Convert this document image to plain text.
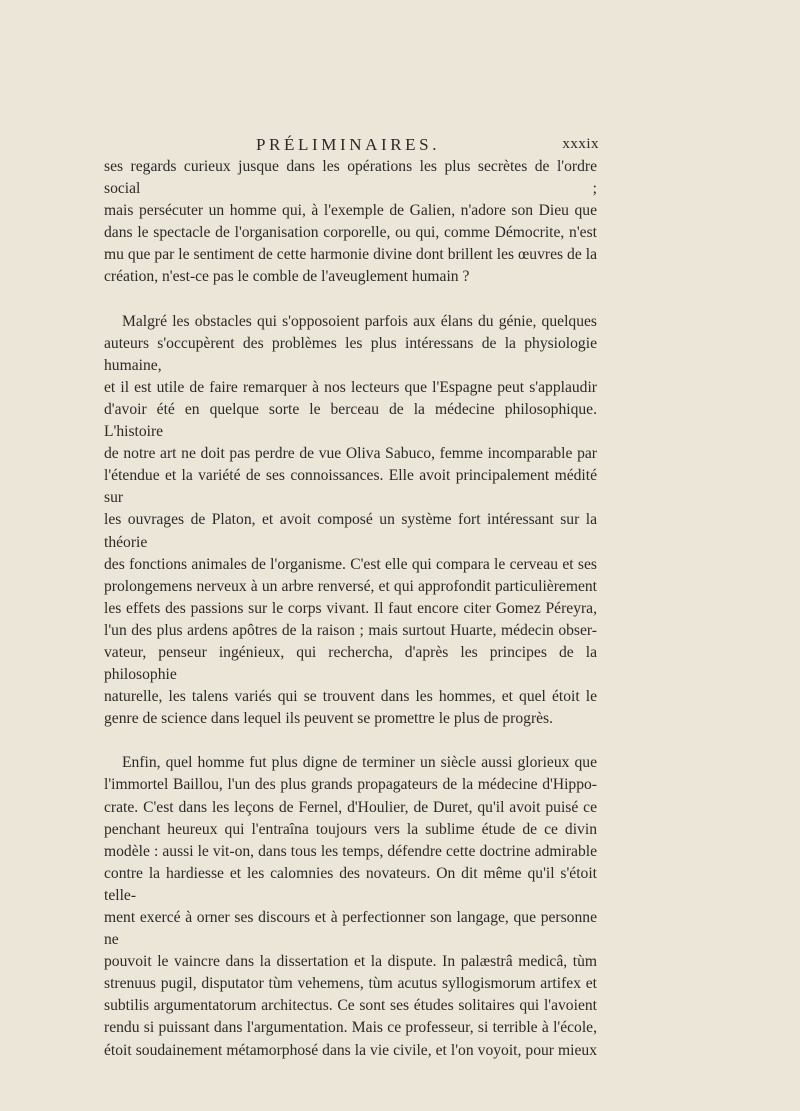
PRÉLIMINAIRES.	xxxix

ses regards curieux jusque dans les opérations les plus secrètes de l'ordre social ;

mais persécuter un homme qui, à l'exemple de Galien, n'adore son Dieu que

dans le spectacle de l'organisation corporelle, ou qui, comme Démocrite, n'est

mu que par le sentiment de cette harmonie divine dont brillent les œuvres de la

création, n'est-ce pas le comble de l'aveuglement humain ?

Malgré les obstacles qui s'opposoient parfois aux élans du génie, quelques

auteurs s'occupèrent des problèmes les plus intéressans de la physiologie humaine,

et il est utile de faire remarquer à nos lecteurs que l'Espagne peut s'applaudir

d'avoir été en quelque sorte le berceau de la médecine philosophique. L'histoire

de notre art ne doit pas perdre de vue Oliva Sabuco, femme incomparable par

l'étendue et la variété de ses connoissances. Elle avoit principalement médité sur

les ouvrages de Platon, et avoit composé un système fort intéressant sur la théorie

des fonctions animales de l'organisme. C'est elle qui compara le cerveau et ses

prolongemens nerveux à un arbre renversé, et qui approfondit particulièrement

les effets des passions sur le corps vivant. Il faut encore citer Gomez Péreyra,

l'un des plus ardens apôtres de la raison ; mais surtout Huarte, médecin obser-

vateur, penseur ingénieux, qui rechercha, d'après les principes de la philosophie

naturelle, les talens variés qui se trouvent dans les hommes, et quel étoit le

genre de science dans lequel ils peuvent se promettre le plus de progrès.

Enfin, quel homme fut plus digne de terminer un siècle aussi glorieux que

l'immortel Baillou, l'un des plus grands propagateurs de la médecine d'Hippo-

crate. C'est dans les leçons de Fernel, d'Houlier, de Duret, qu'il avoit puisé ce

penchant heureux qui l'entraîna toujours vers la sublime étude de ce divin

modèle : aussi le vit-on, dans tous les temps, défendre cette doctrine admirable

contre la hardiesse et les calomnies des novateurs. On dit même qu'il s'étoit telle-

ment exercé à orner ses discours et à perfectionner son langage, que personne ne

pouvoit le vaincre dans la dissertation et la dispute. In palæstrâ medicâ, tùm

strenuus pugil, disputator tùm vehemens, tùm acutus syllogismorum artifex et

subtilis argumentatorum architectus. Ce sont ses études solitaires qui l'avoient

rendu si puissant dans l'argumentation. Mais ce professeur, si terrible à l'école,

étoit soudainement métamorphosé dans la vie civile, et l'on voyoit, pour mieux
